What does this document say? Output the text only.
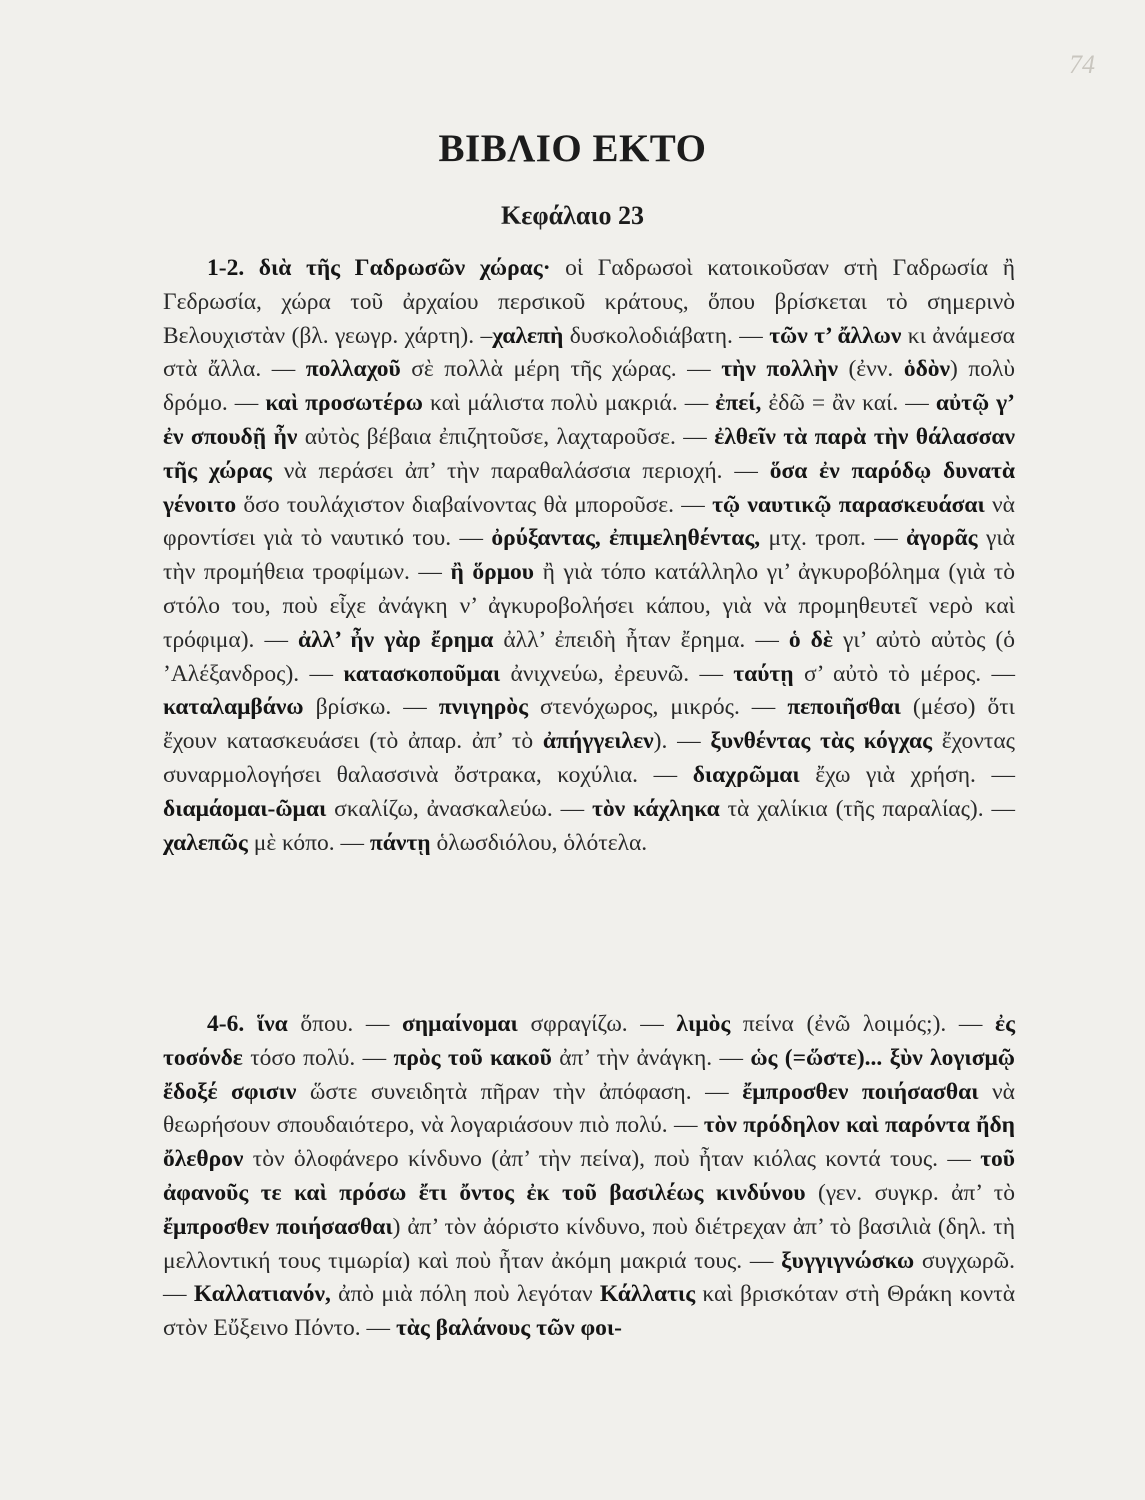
74
ΒΙΒΛΙΟ ΕΚΤΟ
Κεφάλαιο 23

1-2. διὰ τῆς Γαδρωσῶν χώρας· οἱ Γαδρωσοὶ κατοικοῦσαν στὴ Γαδρωσία ἢ Γεδρωσία, χώρα τοῦ ἀρχαίου περσικοῦ κράτους, ὅπου βρίσκεται τὸ σημερινὸ Βελουχιστὰν (βλ. γεωγρ. χάρτη). –χαλεπὴ δυσκολοδιάβατη. — τῶν τ’ ἄλλων κι ἀνάμεσα στὰ ἄλλα. — πολλαχοῦ σὲ πολλὰ μέρη τῆς χώρας. — τὴν πολλὴν (ἐνν. ὁδὸν) πολὺ δρόμο. — καὶ προσωτέρω καὶ μάλιστα πολὺ μακριά. — ἐπεί, ἐδῶ = ἂν καί. — αὐτῷ γ’ ἐν σπουδῇ ἦν αὐτὸς βέβαια ἐπιζητοῦσε, λαχταροῦσε. — ἐλθεῖν τὰ παρὰ τὴν θάλασσαν τῆς χώρας νὰ περάσει ἀπ’ τὴν παραθαλάσσια περιοχή. — ὅσα ἐν παρόδῳ δυνατὰ γένοιτο ὅσο τουλάχιστον διαβαίνοντας θὰ μποροῦσε. — τῷ ναυτικῷ παρασκευάσαι νὰ φροντίσει γιὰ τὸ ναυτικό του. — ὀρύξαντας, ἐπιμεληθέντας, μτχ. τροπ. — ἀγορᾶς γιὰ τὴν προμήθεια τροφίμων. — ἢ ὅρμου ἢ γιὰ τόπο κατάλληλο γι’ ἀγκυροβόλημα (γιὰ τὸ στόλο του, ποὺ εἶχε ἀνάγκη ν’ ἀγκυροβολήσει κάπου, γιὰ νὰ προμηθευτεῖ νερὸ καὶ τρόφιμα). — ἀλλ’ ἦν γὰρ ἔρημα ἀλλ’ ἐπειδὴ ἦταν ἔρημα. — ὁ δὲ γι’ αὐτὸ αὐτὸς (ὁ ’Αλέξανδρος). — κατασκοποῦμαι ἀνιχνεύω, ἐρευνῶ. — ταύτῃ σ’ αὐτὸ τὸ μέρος. — καταλαμβάνω βρίσκω. — πνιγηρὸς στενόχωρος, μικρός. — πεποιῆσθαι (μέσο) ὅτι ἔχουν κατασκευάσει (τὸ ἀπαρ. ἀπ’ τὸ ἀπήγγειλεν). — ξυνθέντας τὰς κόγχας ἔχοντας συναρμολογήσει θαλασσινὰ ὄστρακα, κοχύλια. — διαχρῶμαι ἔχω γιὰ χρήση. — διαμάομαι-ῶμαι σκαλίζω, ἀνασκαλεύω. — τὸν κάχληκα τὰ χαλίκια (τῆς παραλίας). — χαλεπῶς μὲ κόπο. — πάντῃ ὁλωσδιόλου, ὁλότελα.

4-6. ἵνα ὅπου. — σημαίνομαι σφραγίζω. — λιμὸς πείνα (ἐνῶ λοιμός;). — ἐς τοσόνδε τόσο πολύ. — πρὸς τοῦ κακοῦ ἀπ’ τὴν ἀνάγκη. — ὡς (=ὥστε)... ξὺν λογισμῷ ἔδοξέ σφισιν ὥστε συνειδητὰ πῆραν τὴν ἀπόφαση. — ἔμπροσθεν ποιήσασθαι νὰ θεωρήσουν σπουδαιότερο, νὰ λογαριάσουν πιὸ πολύ. — τὸν πρόδηλον καὶ παρόντα ἤδη ὄλεθρον τὸν ὁλοφάνερο κίνδυνο (ἀπ’ τὴν πείνα), ποὺ ἦταν κιόλας κοντά τους. — τοῦ ἀφανοῦς τε καὶ πρόσω ἔτι ὄντος ἐκ τοῦ βασιλέως κινδύνου (γεν. συγκρ. ἀπ’ τὸ ἔμπροσθεν ποιήσασθαι) ἀπ’ τὸν ἀόριστο κίνδυνο, ποὺ διέτρεχαν ἀπ’ τὸ βασιλιὰ (δηλ. τὴ μελλοντική τους τιμωρία) καὶ ποὺ ἦταν ἀκόμη μακριά τους. — ξυγγιγνώσκω συγχωρῶ. — Καλλατιανόν, ἀπὸ μιὰ πόλη ποὺ λεγόταν Κάλλατις καὶ βρισκόταν στὴ Θράκη κοντὰ στὸν Εὔξεινο Πόντο. — τὰς βαλάνους τῶν φοι-
